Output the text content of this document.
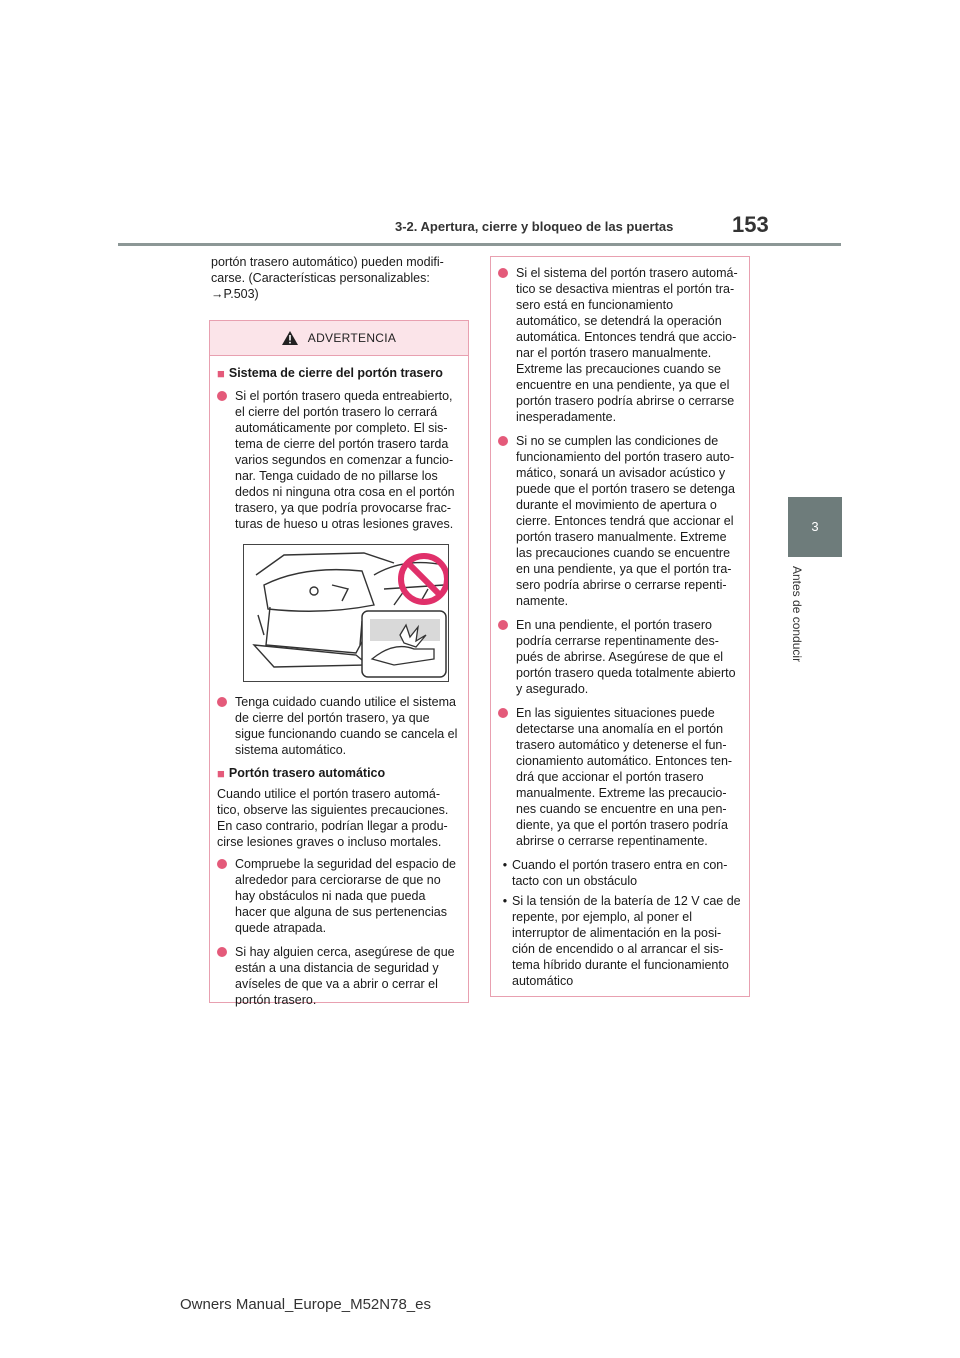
3-2. Apertura, cierre y bloqueo de las puertas	153
3
Antes de conducir
portón trasero automático) pueden modifi-carse. (Características personalizables: →P.503)
ADVERTENCIA
■ Sistema de cierre del portón trasero
Si el portón trasero queda entreabierto, el cierre del portón trasero lo cerrará automáticamente por completo. El sis-tema de cierre del portón trasero tarda varios segundos en comenzar a funcio-nar. Tenga cuidado de no pillarse los dedos ni ninguna otra cosa en el portón trasero, ya que podría provocarse frac-turas de hueso u otras lesiones graves.
Tenga cuidado cuando utilice el sistema de cierre del portón trasero, ya que sigue funcionando cuando se cancela el sistema automático.
■ Portón trasero automático
Cuando utilice el portón trasero automá-tico, observe las siguientes precauciones. En caso contrario, podrían llegar a produ-cirse lesiones graves o incluso mortales.
Compruebe la seguridad del espacio de alrededor para cerciorarse de que no hay obstáculos ni nada que pueda hacer que alguna de sus pertenencias quede atrapada.
Si hay alguien cerca, asegúrese de que están a una distancia de seguridad y avíseles de que va a abrir o cerrar el portón trasero.
Si el sistema del portón trasero automá-tico se desactiva mientras el portón tra-sero está en funcionamiento automático, se detendrá la operación automática. Entonces tendrá que accio-nar el portón trasero manualmente. Extreme las precauciones cuando se encuentre en una pendiente, ya que el portón trasero podría abrirse o cerrarse inesperadamente.
Si no se cumplen las condiciones de funcionamiento del portón trasero auto-mático, sonará un avisador acústico y puede que el portón trasero se detenga durante el movimiento de apertura o cierre. Entonces tendrá que accionar el portón trasero manualmente. Extreme las precauciones cuando se encuentre en una pendiente, ya que el portón tra-sero podría abrirse o cerrarse repenti-namente.
En una pendiente, el portón trasero podría cerrarse repentinamente des-pués de abrirse. Asegúrese de que el portón trasero queda totalmente abierto y asegurado.
En las siguientes situaciones puede detectarse una anomalía en el portón trasero automático y detenerse el fun-cionamiento automático. Entonces ten-drá que accionar el portón trasero manualmente. Extreme las precaucio-nes cuando se encuentre en una pen-diente, ya que el portón trasero podría abrirse o cerrarse repentinamente.
• Cuando el portón trasero entra en con-tacto con un obstáculo
• Si la tensión de la batería de 12 V cae de repente, por ejemplo, al poner el interruptor de alimentación en la posi-ción de encendido o al arrancar el sis-tema híbrido durante el funcionamiento automático
Owners Manual_Europe_M52N78_es
